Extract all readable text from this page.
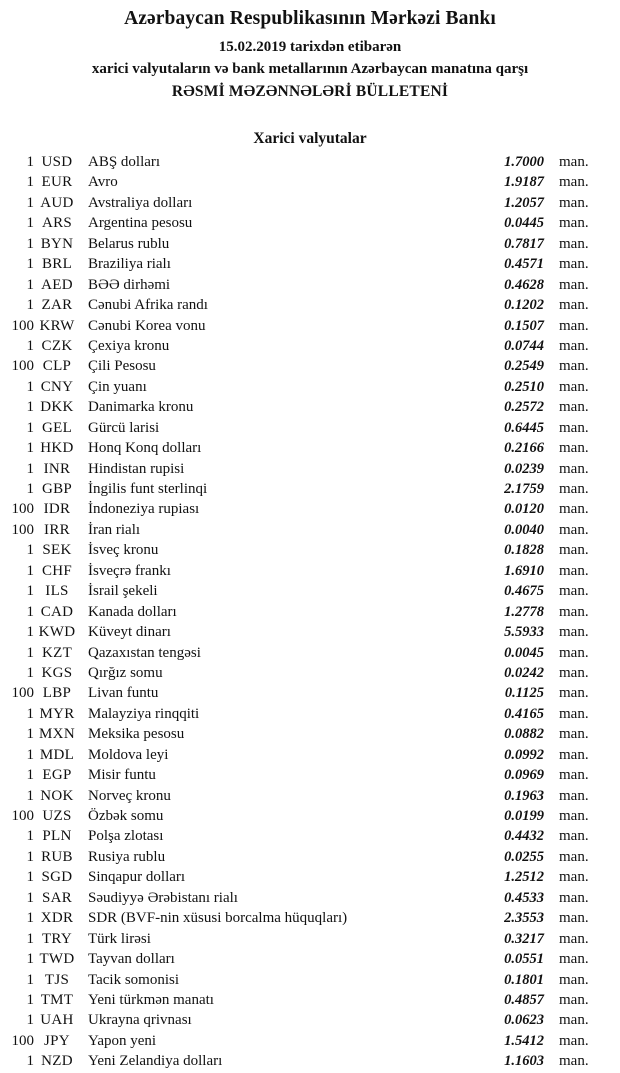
Azərbaycan Respublikasının Mərkəzi Bankı
15.02.2019 tarixdən etibarən
xarici valyutaların və bank metallarının Azərbaycan manatına qarşı
RƏSMİ MƏZƏNNƏLƏRİ BÜLLETENİ
Xarici valyutalar
1 USD	ABŞ dolları	1.7000	man.
1 EUR	Avro	1.9187	man.
1 AUD Avstraliya dolları	1.2057	man.
1 ARS	Argentina pesosu	0.0445	man.
1 BYN Belarus rublu	0.7817	man.
1 BRL	Braziliya rialı	0.4571	man.
1 AED	BƏƏ dirhəmi	0.4628	man.
1 ZAR	Cənubi Afrika randı	0.1202	man.
100 KRW Cənubi Korea vonu	0.1507	man.
1 CZK	Çexiya kronu	0.0744	man.
100 CLP	Çili Pesosu	0.2549	man.
1 CNY Çin yuanı	0.2510	man.
1 DKK Danimarka kronu	0.2572	man.
1 GEL	Gürcü larisi	0.6445	man.
1 HKD Honq Konq dolları	0.2166	man.
1 INR	Hindistan rupisi	0.0239	man.
1 GBP	İngilis funt sterlinqi	2.1759	man.
100 IDR	İndoneziya rupiası	0.0120	man.
100 IRR	İran rialı	0.0040	man.
1 SEK	İsveç kronu	0.1828	man.
1 CHF	İsveçrə frankı	1.6910	man.
1 ILS	İsrail şekeli	0.4675	man.
1 CAD Kanada dolları	1.2778	man.
1 KWD Küveyt dinarı	5.5933	man.
1 KZT	Qazaxıstan tengəsi	0.0045	man.
1 KGS	Qırğız somu	0.0242	man.
100 LBP	Livan funtu	0.1125	man.
1 MYR Malayziya rinqqiti	0.4165	man.
1 MXN Meksika pesosu	0.0882	man.
1 MDL Moldova leyi	0.0992	man.
1 EGP	Misir funtu	0.0969	man.
1 NOK Norveç kronu	0.1963	man.
100 UZS	Özbək somu	0.0199	man.
1 PLN	Polşa zlotası	0.4432	man.
1 RUB	Rusiya rublu	0.0255	man.
1 SGD	Sinqapur dolları	1.2512	man.
1 SAR	Səudiyyə Ərəbistanı rialı	0.4533	man.
1 XDR SDR (BVF-nin xüsusi borcalma hüquqları)	2.3553	man.
1 TRY	Türk lirəsi	0.3217	man.
1 TWD Tayvan dolları	0.0551	man.
1 TJS	Tacik somonisi	0.1801	man.
1 TMT Yeni türkmən manatı	0.4857	man.
1 UAH Ukrayna qrivnası	0.0623	man.
100 JPY	Yapon yeni	1.5412	man.
1 NZD	Yeni Zelandiya dolları	1.1603	man.
